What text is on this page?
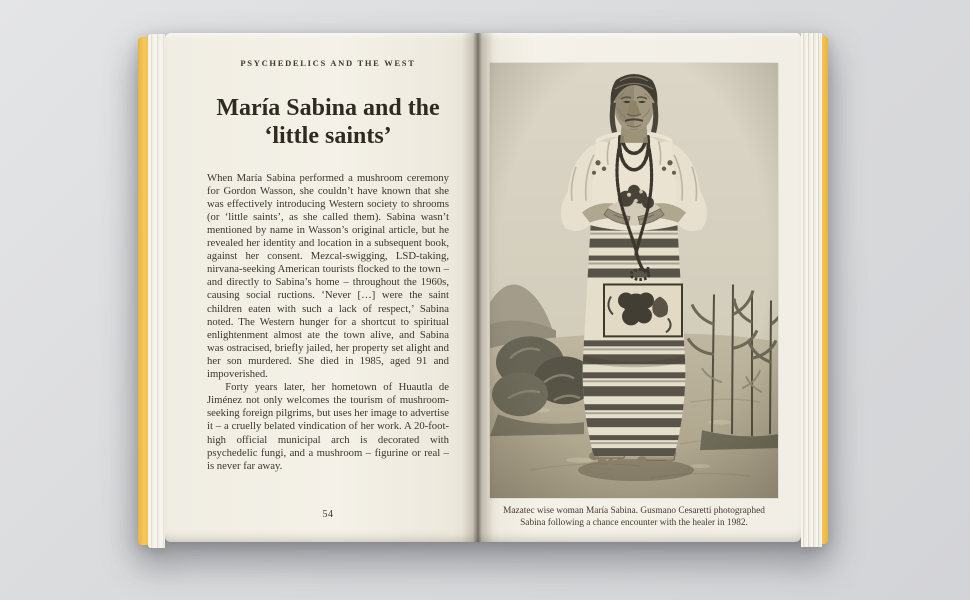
PSYCHEDELICS AND THE WEST
María Sabina and the
‘little saints’

When María Sabina performed a mushroom ceremony for Gordon Wasson, she couldn’t have known that she was effectively introducing Western society to shrooms (or ‘little saints’, as she called them). Sabina wasn’t mentioned by name in Wasson’s original article, but he revealed her identity and location in a subsequent book, against her consent. Mezcal-swigging, LSD-taking, nirvana-seeking American tourists flocked to the town – and directly to Sabina’s home – throughout the 1960s, causing social ructions. ‘Never […] were the saint children eaten with such a lack of respect,’ Sabina noted. The Western hunger for a shortcut to spiritual enlightenment almost ate the town alive, and Sabina was ostracised, briefly jailed, her property set alight and her son murdered. She died in 1985, aged 91 and impoverished.

Forty years later, her hometown of Huautla de Jiménez not only welcomes the tourism of mushroom-seeking foreign pilgrims, but uses her image to advertise it – a cruelly belated vindication of her work. A 20-foot-high official municipal arch is decorated with psychedelic fungi, and a mushroom – figurine or real – is never far away.

54	Mazatec wise woman María Sabina. Gusmano Cesaretti photographed
Sabina following a chance encounter with the healer in 1982.
